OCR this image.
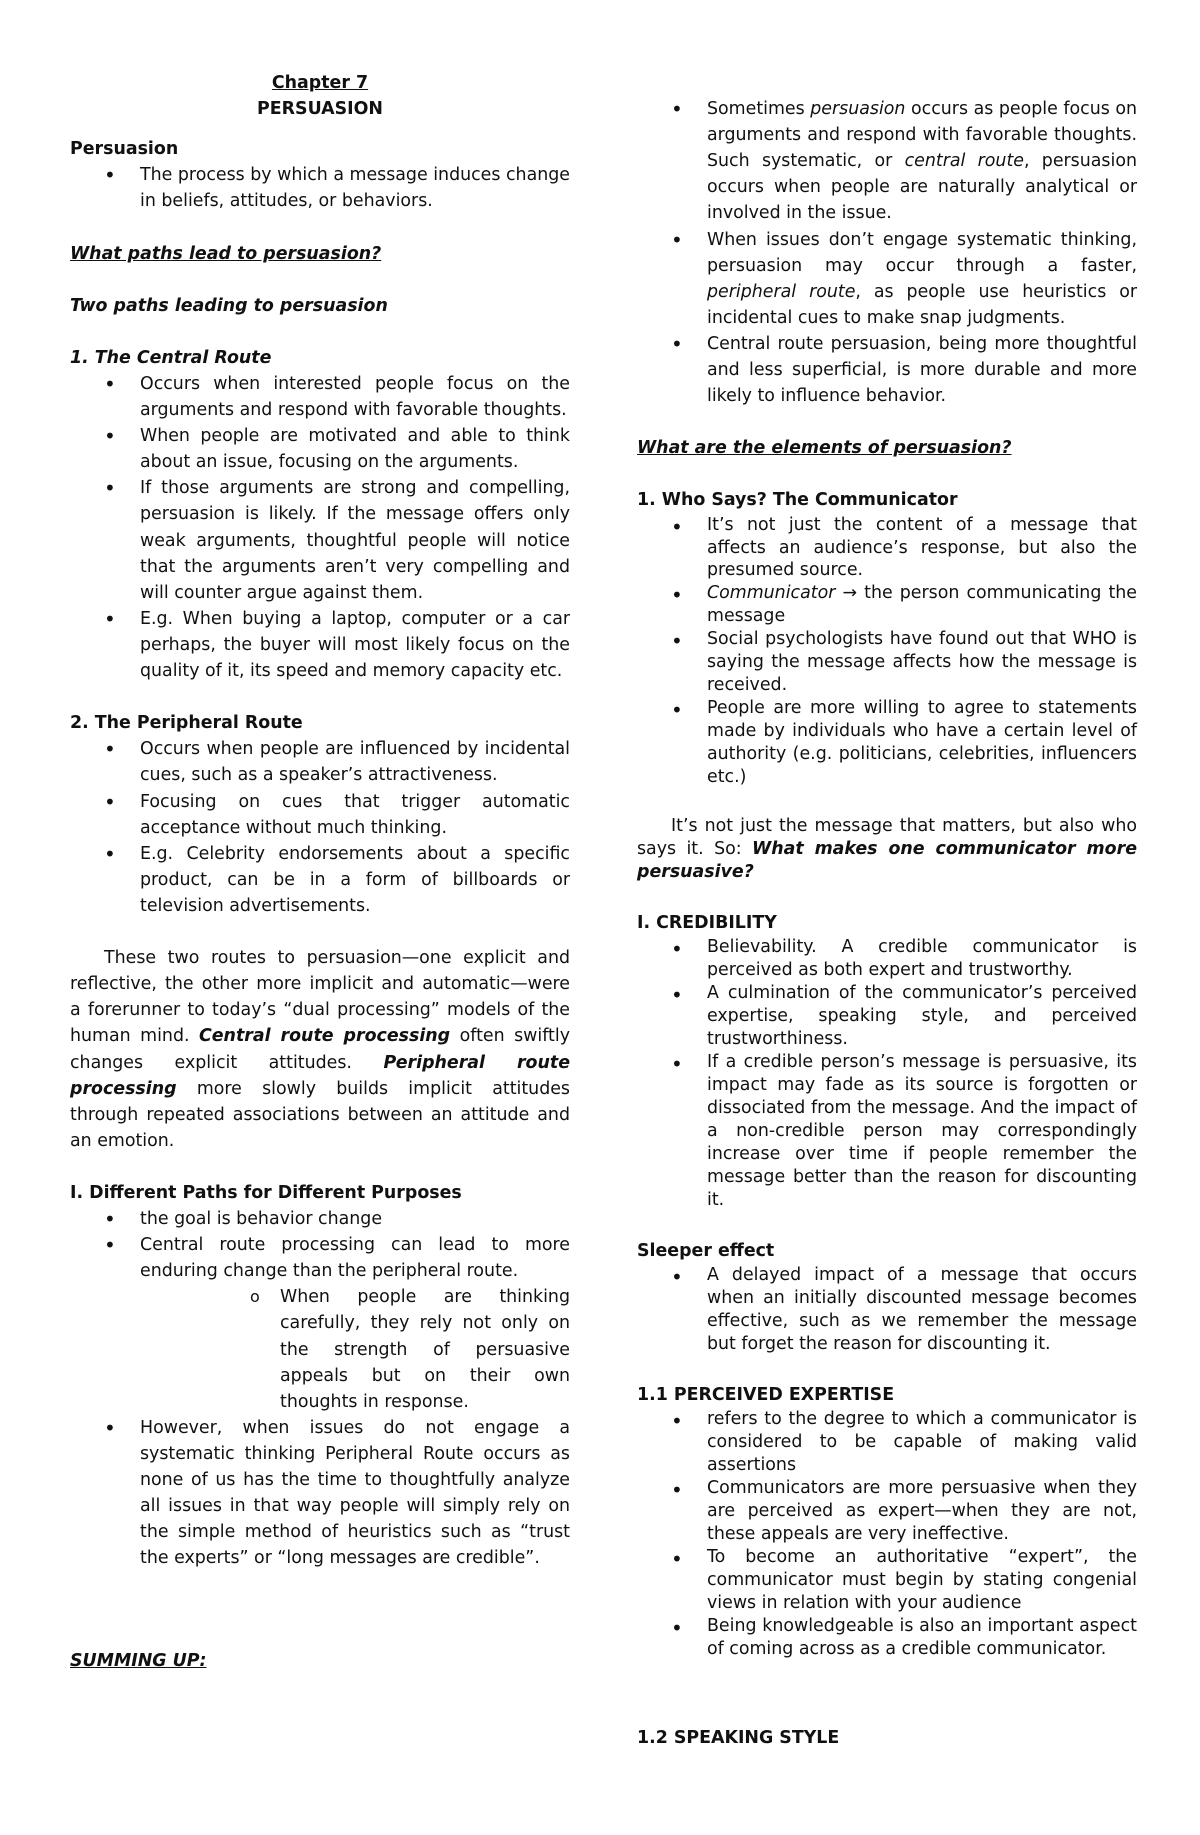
Chapter 7
PERSUASION
Persuasion
• The process by which a message induces change in beliefs, attitudes, or behaviors.
What paths lead to persuasion?
Two paths leading to persuasion
1. The Central Route
• Occurs when interested people focus on the arguments and respond with favorable thoughts.
• When people are motivated and able to think about an issue, focusing on the arguments.
• If those arguments are strong and compelling, persuasion is likely. If the message offers only weak arguments, thoughtful people will notice that the arguments aren’t very compelling and will counter argue against them.
• E.g. When buying a laptop, computer or a car perhaps, the buyer will most likely focus on the quality of it, its speed and memory capacity etc.
2. The Peripheral Route
• Occurs when people are influenced by incidental cues, such as a speaker’s attractiveness.
• Focusing on cues that trigger automatic acceptance without much thinking.
• E.g. Celebrity endorsements about a specific product, can be in a form of billboards or television advertisements.

These two routes to persuasion—one explicit and reflective, the other more implicit and automatic—were a forerunner to today’s “dual processing” models of the human mind. Central route processing often swiftly changes explicit attitudes. Peripheral route processing more slowly builds implicit attitudes through repeated associations between an attitude and an emotion.

I. Different Paths for Different Purposes
• the goal is behavior change
• Central route processing can lead to more enduring change than the peripheral route.
o When people are thinking carefully, they rely not only on the strength of persuasive appeals but on their own thoughts in response.
• However, when issues do not engage a systematic thinking Peripheral Route occurs as none of us has the time to thoughtfully analyze all issues in that way people will simply rely on the simple method of heuristics such as “trust the experts” or “long messages are credible”.
SUMMING UP:
• Sometimes persuasion occurs as people focus on arguments and respond with favorable thoughts. Such systematic, or central route, persuasion occurs when people are naturally analytical or involved in the issue.
• When issues don’t engage systematic thinking, persuasion may occur through a faster, peripheral route, as people use heuristics or incidental cues to make snap judgments.
• Central route persuasion, being more thoughtful and less superficial, is more durable and more likely to influence behavior.
What are the elements of persuasion?
1. Who Says? The Communicator
• It’s not just the content of a message that affects an audience’s response, but also the presumed source.
• Communicator → the person communicating the message
• Social psychologists have found out that WHO is saying the message affects how the message is received.
• People are more willing to agree to statements made by individuals who have a certain level of authority (e.g. politicians, celebrities, influencers etc.)

It’s not just the message that matters, but also who says it. So: What makes one communicator more persuasive?

I. CREDIBILITY
• Believability. A credible communicator is perceived as both expert and trustworthy.
• A culmination of the communicator’s perceived expertise, speaking style, and perceived trustworthiness.
• If a credible person’s message is persuasive, its impact may fade as its source is forgotten or dissociated from the message. And the impact of a non-credible person may correspondingly increase over time if people remember the message better than the reason for discounting it.
Sleeper effect
• A delayed impact of a message that occurs when an initially discounted message becomes effective, such as we remember the message but forget the reason for discounting it.
1.1 PERCEIVED EXPERTISE
• refers to the degree to which a communicator is considered to be capable of making valid assertions
• Communicators are more persuasive when they are perceived as expert—when they are not, these appeals are very ineffective.
• To become an authoritative “expert”, the communicator must begin by stating congenial views in relation with your audience
• Being knowledgeable is also an important aspect of coming across as a credible communicator.
1.2 SPEAKING STYLE
